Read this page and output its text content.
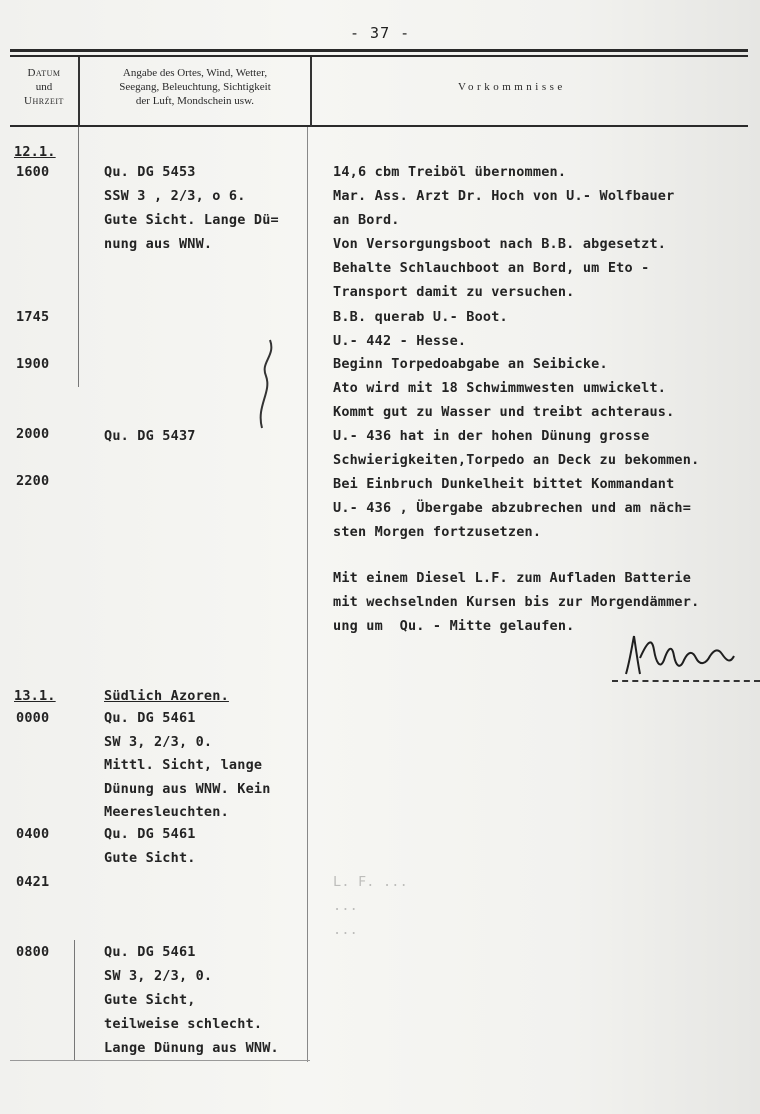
- 37 -
Datum
und
Uhrzeit
Angabe des Ortes, Wind, Wetter,
Seegang, Beleuchtung, Sichtigkeit
der Luft, Mondschein usw.
Vorkommnisse
12.1.
1600
1745
1900
2000
2200
Qu. DG 5453
SSW 3 , 2/3, o 6.
Gute Sicht. Lange Dü=
nung aus WNW.
Qu. DG 5437
14,6 cbm Treiböl übernommen.
Mar. Ass. Arzt Dr. Hoch von U.- Wolfbauer
an Bord.
Von Versorgungsboot nach B.B. abgesetzt.
Behalte Schlauchboot an Bord, um Eto -
Transport damit zu versuchen.
B.B. querab U.- Boot.
U.- 442 - Hesse.
Beginn Torpedoabgabe an Seibicke.
Ato wird mit 18 Schwimmwesten umwickelt.
Kommt gut zu Wasser und treibt achteraus.
U.- 436 hat in der hohen Dünung grosse
Schwierigkeiten,Torpedo an Deck zu bekommen.
Bei Einbruch Dunkelheit bittet Kommandant
U.- 436 , Übergabe abzubrechen und am näch=
sten Morgen fortzusetzen.
Mit einem Diesel L.F. zum Aufladen Batterie
mit wechselnden Kursen bis zur Morgendämmer.
ung um  Qu. - Mitte gelaufen.
13.1.	Südlich Azoren.
0000
0400
0421
0800
Qu. DG 5461
SW 3, 2/3, 0.
Mittl. Sicht, lange
Dünung aus WNW. Kein
Meeresleuchten.
Qu. DG 5461
Gute Sicht.
Qu. DG 5461
SW 3, 2/3, 0.
Gute Sicht,
teilweise schlecht.
Lange Dünung aus WNW.
L. F. ...
...
...
